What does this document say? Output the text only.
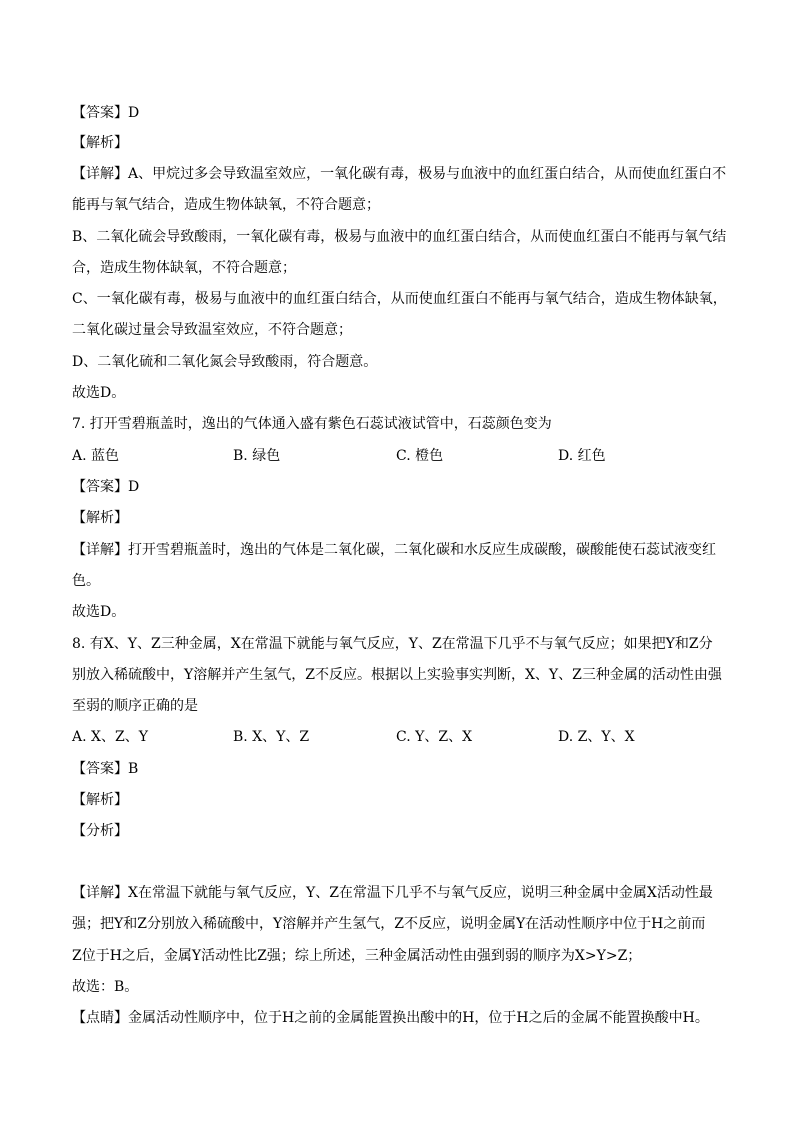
【答案】D
【解析】
【详解】A、甲烷过多会导致温室效应，一氧化碳有毒，极易与血液中的血红蛋白结合，从而使血红蛋白不
能再与氧气结合，造成生物体缺氧，不符合题意；
B、二氧化硫会导致酸雨，一氧化碳有毒，极易与血液中的血红蛋白结合，从而使血红蛋白不能再与氧气结
合，造成生物体缺氧，不符合题意；
C、一氧化碳有毒，极易与血液中的血红蛋白结合，从而使血红蛋白不能再与氧气结合，造成生物体缺氧，
二氧化碳过量会导致温室效应，不符合题意；
D、二氧化硫和二氧化氮会导致酸雨，符合题意。
故选D。
7. 打开雪碧瓶盖时，逸出的气体通入盛有紫色石蕊试液试管中，石蕊颜色变为
A. 蓝色	B. 绿色	C. 橙色	D. 红色
【答案】D
【解析】
【详解】打开雪碧瓶盖时，逸出的气体是二氧化碳，二氧化碳和水反应生成碳酸，碳酸能使石蕊试液变红
色。
故选D。
8. 有X、Y、Z三种金属，X在常温下就能与氧气反应，Y、Z在常温下几乎不与氧气反应；如果把Y和Z分
别放入稀硫酸中，Y溶解并产生氢气，Z不反应。根据以上实验事实判断，X、Y、Z三种金属的活动性由强
至弱的顺序正确的是
A. X、Z、Y	B. X、Y、Z	C. Y、Z、X	D. Z、Y、X
【答案】B
【解析】
【分析】
【详解】X在常温下就能与氧气反应，Y、Z在常温下几乎不与氧气反应，说明三种金属中金属X活动性最
强；把Y和Z分别放入稀硫酸中，Y溶解并产生氢气，Z不反应，说明金属Y在活动性顺序中位于H之前而
Z位于H之后，金属Y活动性比Z强；综上所述，三种金属活动性由强到弱的顺序为X>Y>Z；
故选：B。
【点睛】金属活动性顺序中，位于H之前的金属能置换出酸中的H，位于H之后的金属不能置换酸中H。
